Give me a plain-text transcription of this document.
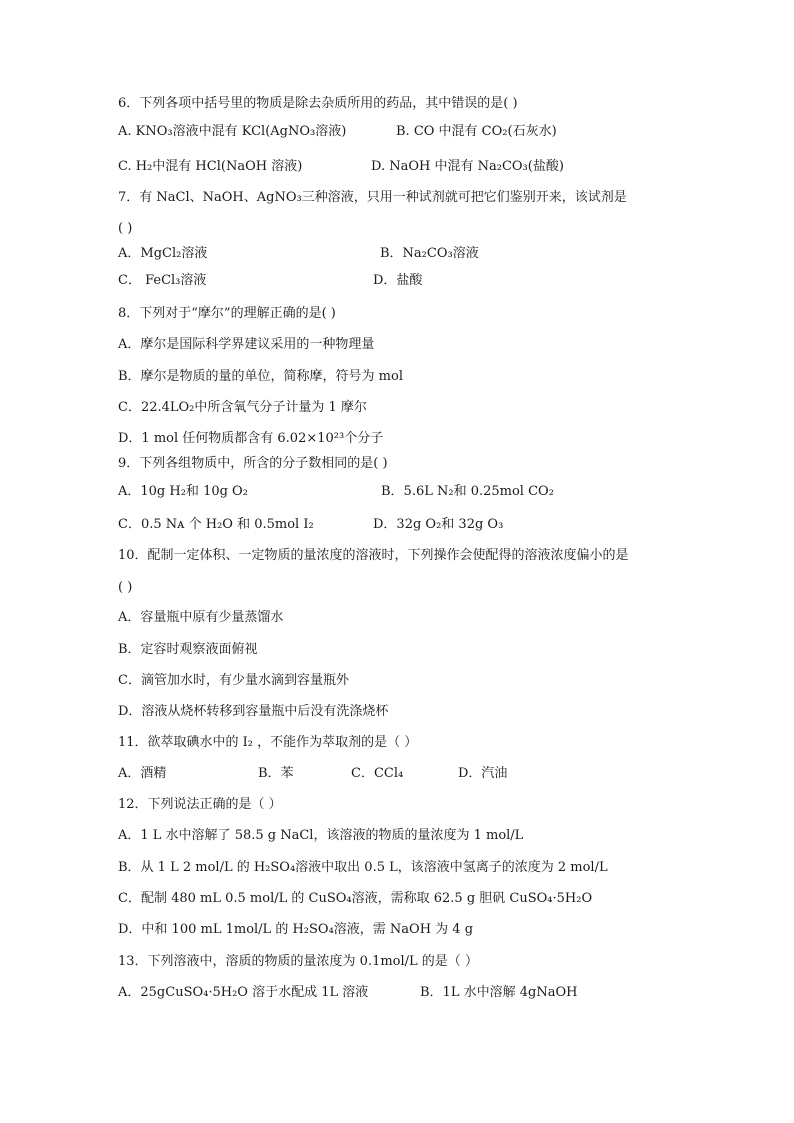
6．下列各项中括号里的物质是除去杂质所用的药品，其中错误的是( )
A. KNO₃溶液中混有 KCl(AgNO₃溶液)	B. CO 中混有 CO₂(石灰水)
C. H₂中混有 HCl(NaOH 溶液)	D. NaOH 中混有 Na₂CO₃(盐酸)
7．有 NaCl、NaOH、AgNO₃三种溶液，只用一种试剂就可把它们鉴别开来，该试剂是
( )
A．MgCl₂溶液	B．Na₂CO₃溶液
C． FeCl₃溶液	D．盐酸
8．下列对于“摩尔”的理解正确的是( )
A．摩尔是国际科学界建议采用的一种物理量
B．摩尔是物质的量的单位，简称摩，符号为 mol
C．22.4LO₂中所含氧气分子计量为 1 摩尔
D．1 mol 任何物质都含有 6.02×10²³个分子
9．下列各组物质中，所含的分子数相同的是( )
A．10g H₂和 10g O₂	B．5.6L N₂和 0.25mol CO₂
C．0.5 Nᴀ 个 H₂O 和 0.5mol I₂	D．32g O₂和 32g O₃
10．配制一定体积、一定物质的量浓度的溶液时，下列操作会使配得的溶液浓度偏小的是
( )
A．容量瓶中原有少量蒸馏水
B．定容时观察液面俯视
C．滴管加水时，有少量水滴到容量瓶外
D．溶液从烧杯转移到容量瓶中后没有洗涤烧杯
11．欲萃取碘水中的 I₂ ，不能作为萃取剂的是（ ）
A．酒精	B．苯	C．CCl₄	D．汽油
12．下列说法正确的是（ ）
A．1 L 水中溶解了 58.5 g NaCl，该溶液的物质的量浓度为 1 mol/L
B．从 1 L 2 mol/L 的 H₂SO₄溶液中取出 0.5 L，该溶液中氢离子的浓度为 2 mol/L
C．配制 480 mL 0.5 mol/L 的 CuSO₄溶液，需称取 62.5 g 胆矾 CuSO₄·5H₂O
D．中和 100 mL 1mol/L 的 H₂SO₄溶液，需 NaOH 为 4 g
13．下列溶液中，溶质的物质的量浓度为 0.1mol/L 的是（ ）
A．25gCuSO₄·5H₂O 溶于水配成 1L 溶液	B．1L 水中溶解 4gNaOH
